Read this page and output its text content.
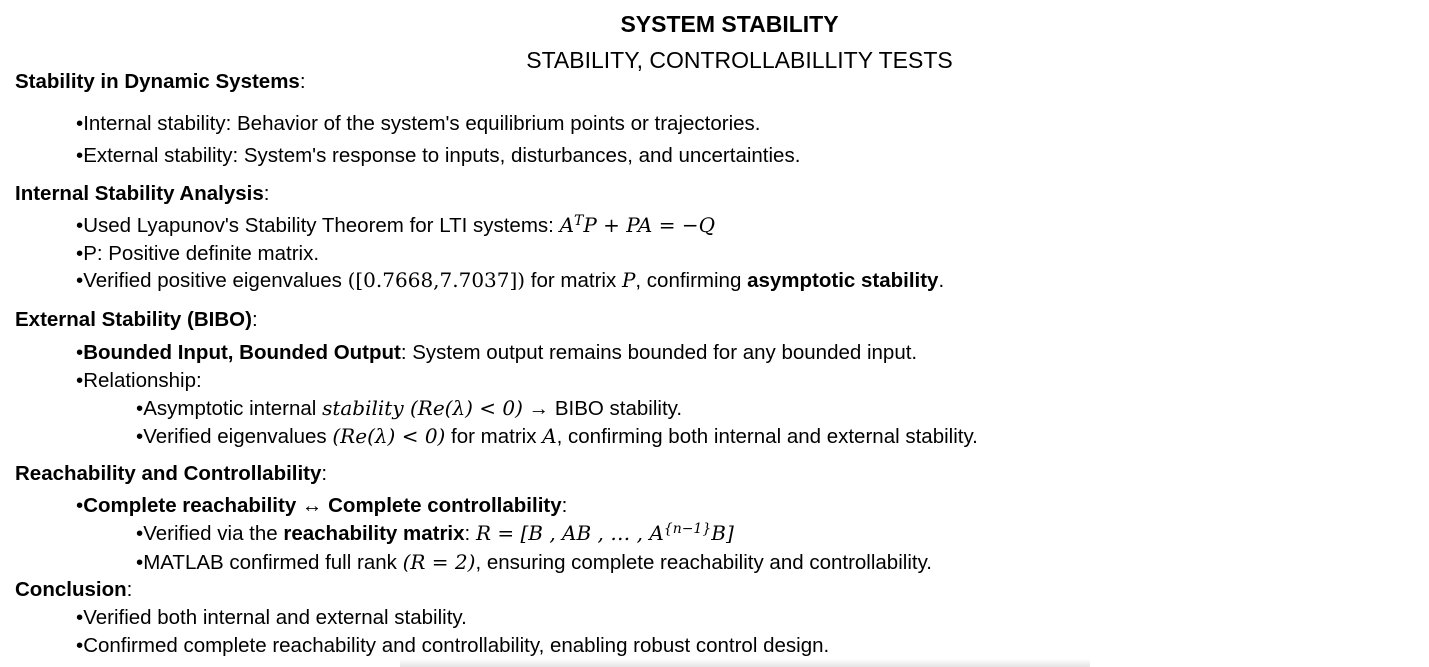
SYSTEM STABILITY
STABILITY, CONTROLLABILLITY TESTS
Stability in Dynamic Systems:
•Internal stability: Behavior of the system's equilibrium points or trajectories.
•External stability: System's response to inputs, disturbances, and uncertainties.
Internal Stability Analysis:
•Used Lyapunov's Stability Theorem for LTI systems: $A^TP$ + PA = −Q
•P: Positive definite matrix.
•Verified positive eigenvalues ([0.7668,7.7037]) for matrix P, confirming asymptotic stability.
External Stability (BIBO):
•Bounded Input, Bounded Output: System output remains bounded for any bounded input.
•Relationship:
•Asymptotic internal stability (Re(λ) < 0) → BIBO stability.
•Verified eigenvalues (Re(λ) < 0) for matrix A, confirming both internal and external stability.
Reachability and Controllability:
•Complete reachability ↔ Complete controllability:
•Verified via the reachability matrix: R = [B , AB , … , $A^{\{n-1\}}B$]
•MATLAB confirmed full rank (R = 2), ensuring complete reachability and controllability.
Conclusion:
•Verified both internal and external stability.
•Confirmed complete reachability and controllability, enabling robust control design.
